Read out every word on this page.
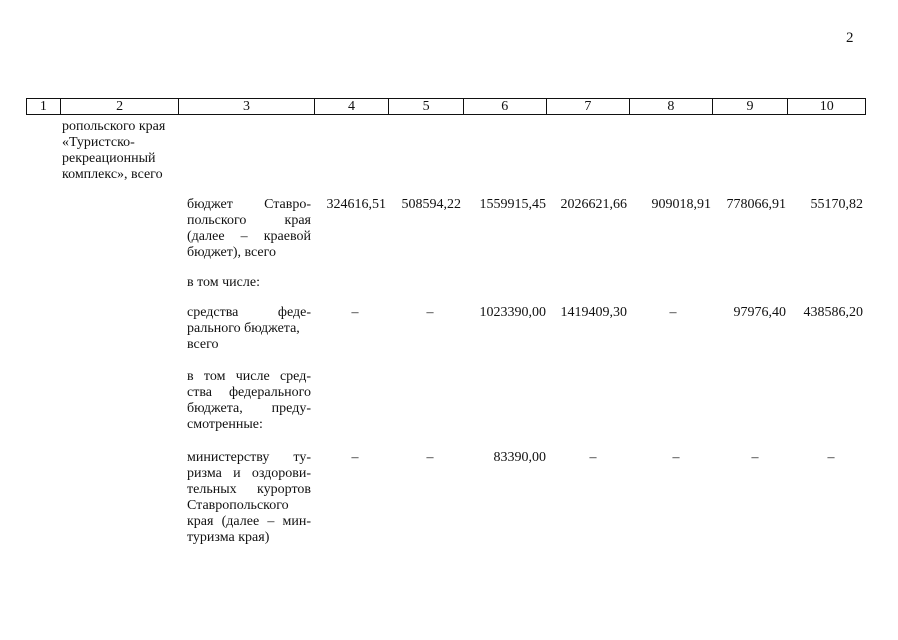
2
1	2	3	4	5	6	7	8	9	10
ропольского края
«Туристско-
рекреационный
комплекс», всего
бюджет Ставро-
польского края
(далее – краевой
бюджет), всего
324616,51	508594,22	1559915,45	2026621,66	909018,91	778066,91	55170,82
в том числе:
средства феде-
рального бюджета,
всего
–	–	1023390,00	1419409,30	–	97976,40	438586,20
в том числе сред-
ства федерального
бюджета, преду-
смотренные:
министерству ту-
ризма и оздорови-
тельных курортов
Ставропольского
края (далее – мин-
туризма края)
–	–	83390,00	–	–	–	–
